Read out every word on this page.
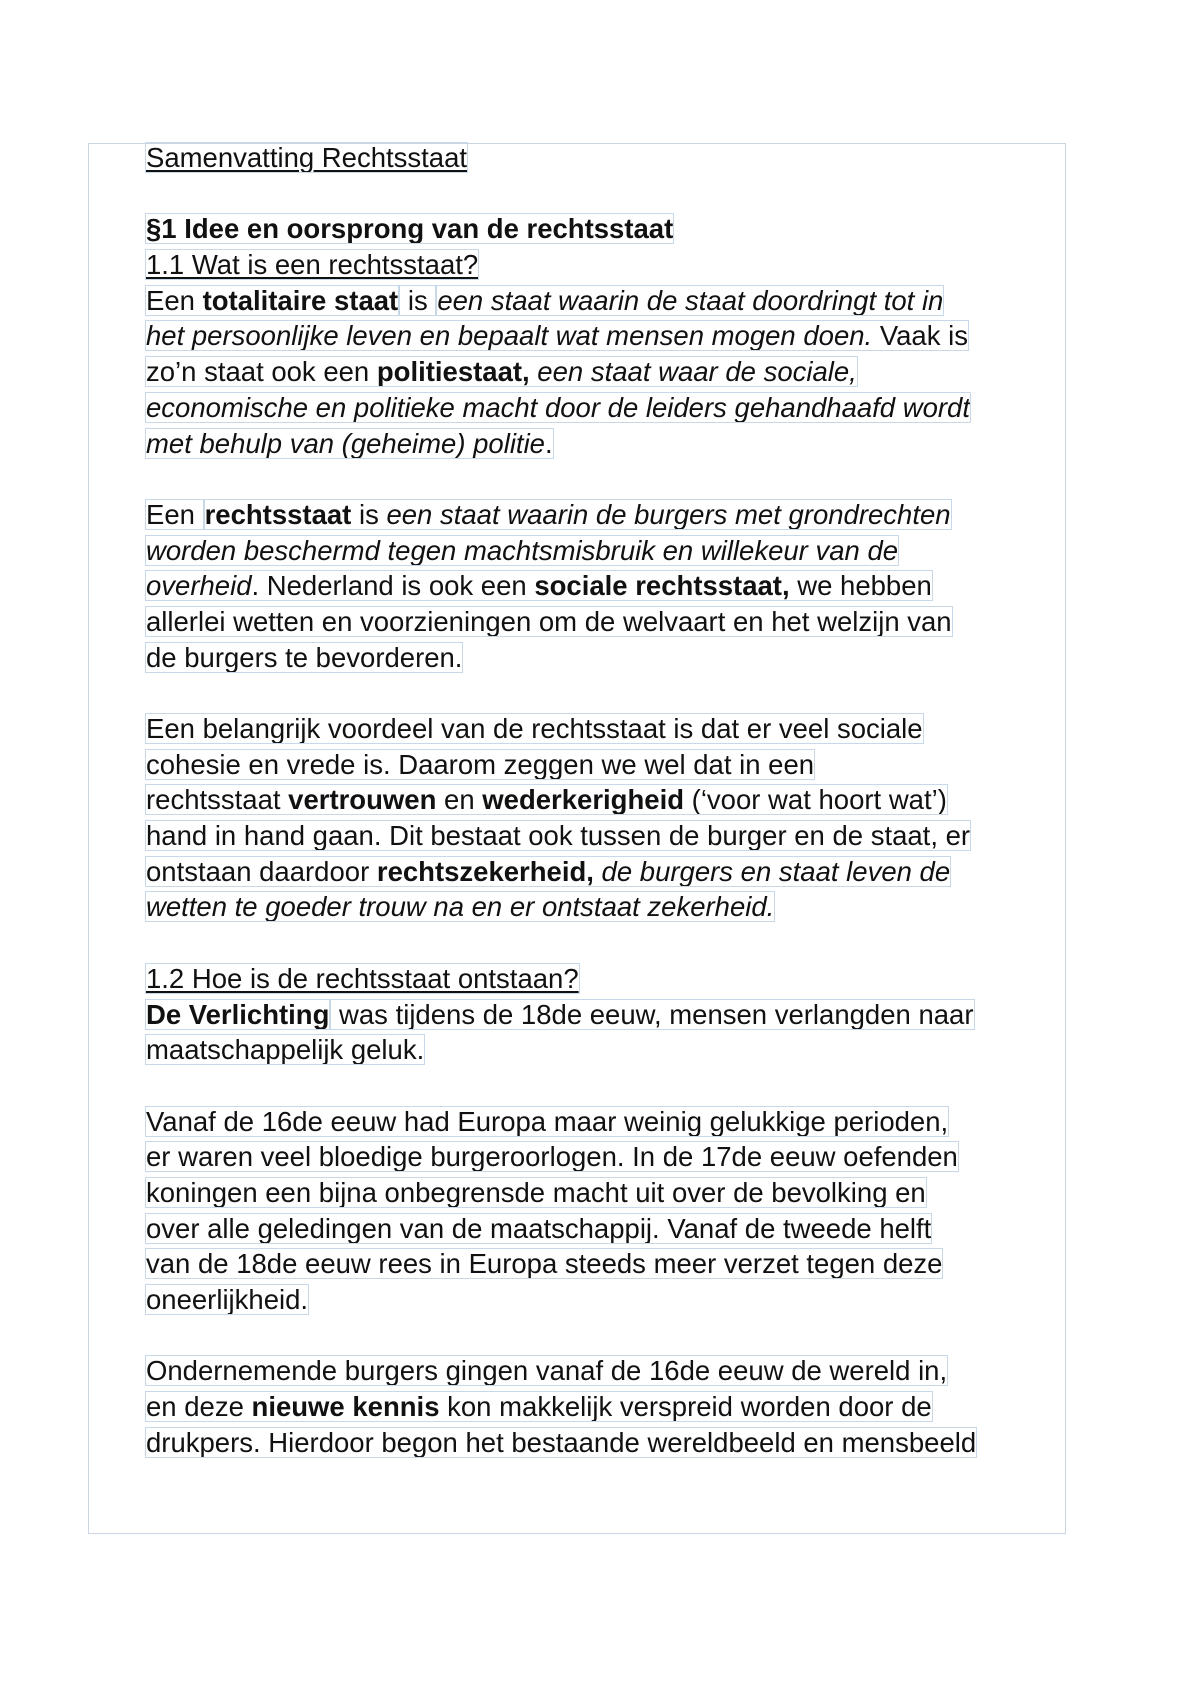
Samenvatting Rechtsstaat
§1 Idee en oorsprong van de rechtsstaat
1.1 Wat is een rechtsstaat?
Een totalitaire staat is een staat waarin de staat doordringt tot in
het persoonlijke leven en bepaalt wat mensen mogen doen. Vaak is
zo’n staat ook een politiestaat, een staat waar de sociale,
economische en politieke macht door de leiders gehandhaafd wordt
met behulp van (geheime) politie.
Een rechtsstaat is een staat waarin de burgers met grondrechten
worden beschermd tegen machtsmisbruik en willekeur van de
overheid. Nederland is ook een sociale rechtsstaat, we hebben
allerlei wetten en voorzieningen om de welvaart en het welzijn van
de burgers te bevorderen.
Een belangrijk voordeel van de rechtsstaat is dat er veel sociale
cohesie en vrede is. Daarom zeggen we wel dat in een
rechtsstaat vertrouwen en wederkerigheid (‘voor wat hoort wat’)
hand in hand gaan. Dit bestaat ook tussen de burger en de staat, er
ontstaan daardoor rechtszekerheid, de burgers en staat leven de
wetten te goeder trouw na en er ontstaat zekerheid.
1.2 Hoe is de rechtsstaat ontstaan?
De Verlichting was tijdens de 18de eeuw, mensen verlangden naar
maatschappelijk geluk.
Vanaf de 16de eeuw had Europa maar weinig gelukkige perioden,
er waren veel bloedige burgeroorlogen. In de 17de eeuw oefenden
koningen een bijna onbegrensde macht uit over de bevolking en
over alle geledingen van de maatschappij. Vanaf de tweede helft
van de 18de eeuw rees in Europa steeds meer verzet tegen deze
oneerlijkheid.
Ondernemende burgers gingen vanaf de 16de eeuw de wereld in,
en deze nieuwe kennis kon makkelijk verspreid worden door de
drukpers. Hierdoor begon het bestaande wereldbeeld en mensbeeld
